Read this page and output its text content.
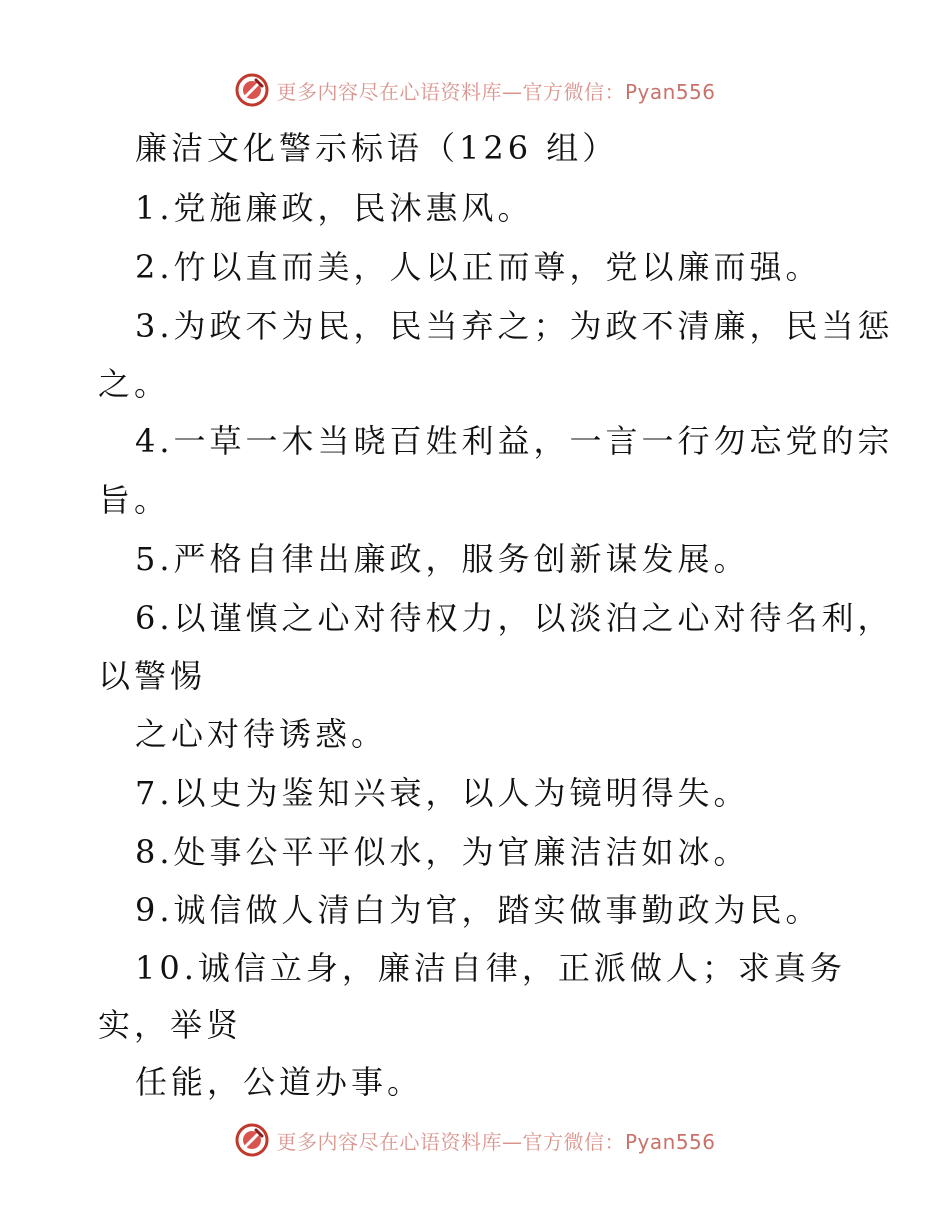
更多内容尽在心语资料库—官方微信：Pyan556
廉洁文化警示标语（126 组）
1.党施廉政，民沐惠风。
2.竹以直而美，人以正而尊，党以廉而强。
3.为政不为民，民当弃之；为政不清廉，民当惩
之。
4.一草一木当晓百姓利益，一言一行勿忘党的宗
旨。
5.严格自律出廉政，服务创新谋发展。
6.以谨慎之心对待权力，以淡泊之心对待名利，
以警惕
之心对待诱惑。
7.以史为鉴知兴衰，以人为镜明得失。
8.处事公平平似水，为官廉洁洁如冰。
9.诚信做人清白为官，踏实做事勤政为民。
10.诚信立身，廉洁自律，正派做人；求真务
实，举贤
任能，公道办事。
更多内容尽在心语资料库—官方微信：Pyan556
